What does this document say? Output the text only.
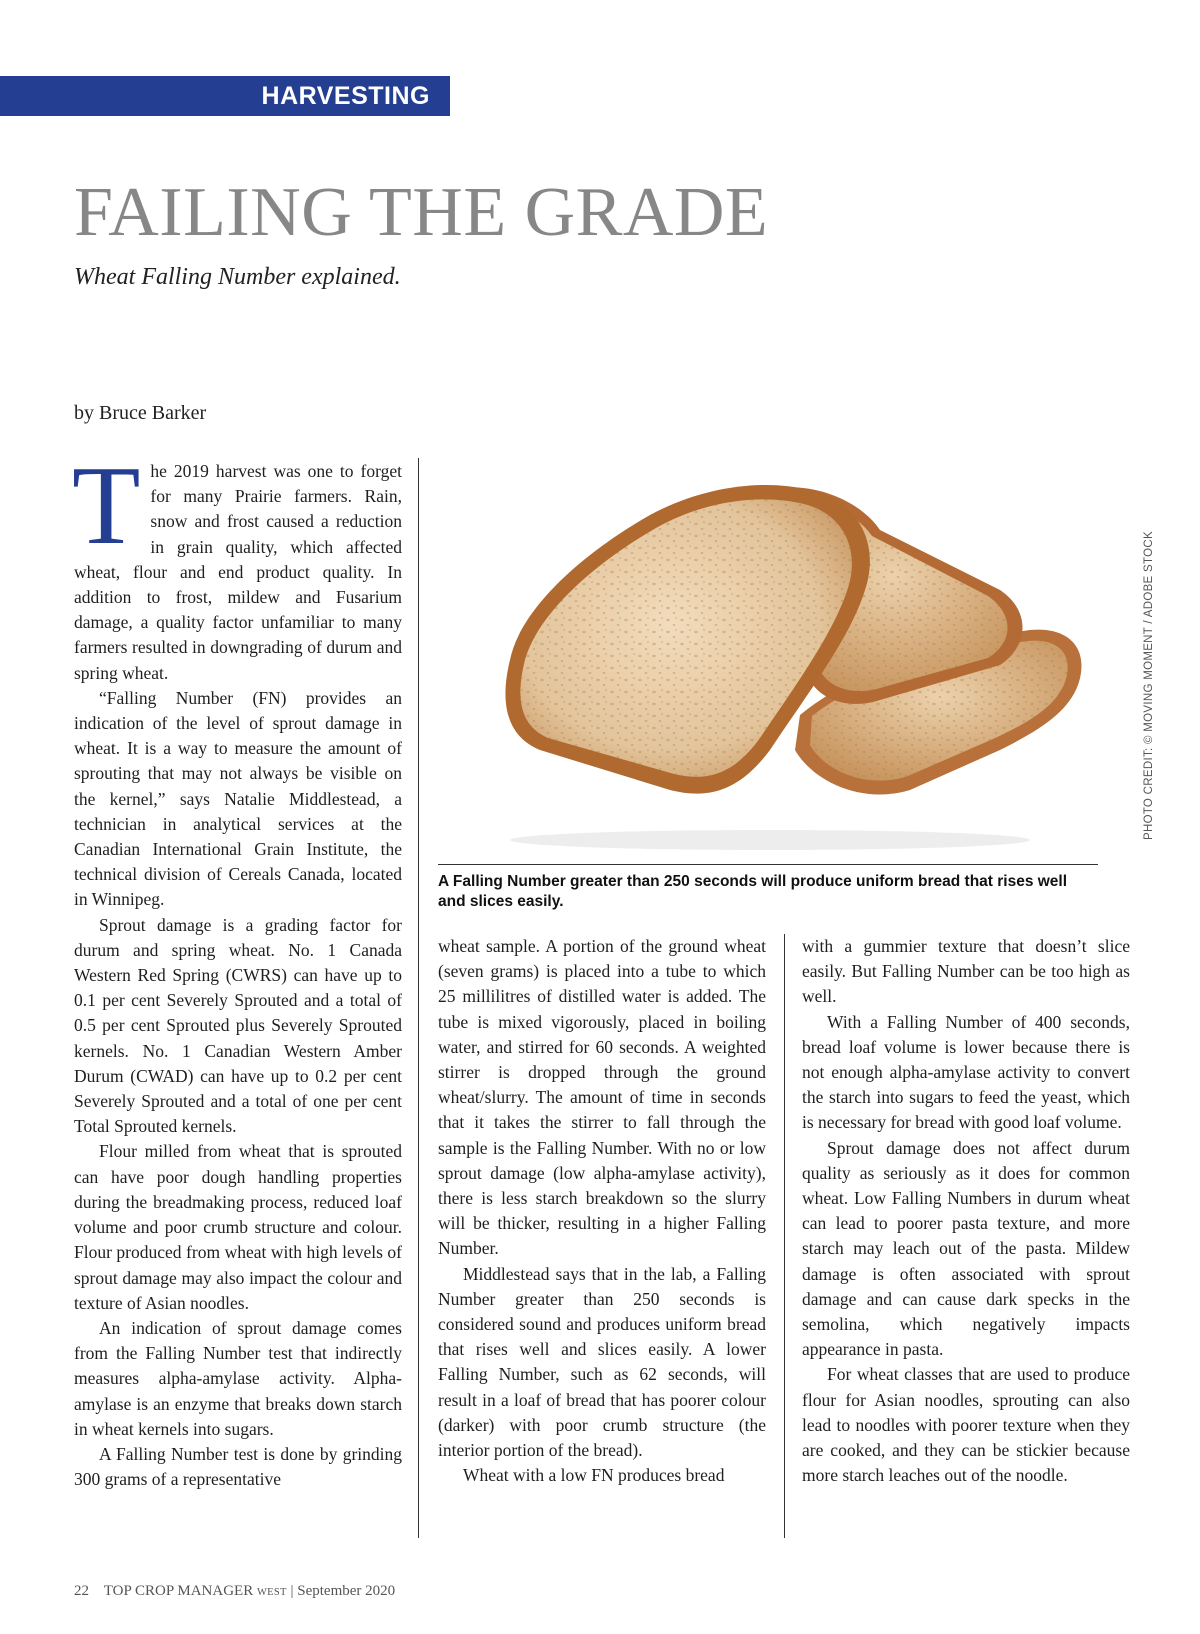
HARVESTING
FAILING THE GRADE

Wheat Falling Number explained.

by Bruce Barker

The 2019 harvest was one to forget for many Prairie farmers. Rain, snow and frost caused a reduction in grain quality, which affected wheat, flour and end product quality. In addition to frost, mildew and Fusarium damage, a quality factor unfamiliar to many farmers resulted in downgrading of durum and spring wheat.

“Falling Number (FN) provides an indication of the level of sprout damage in wheat. It is a way to measure the amount of sprouting that may not always be visible on the kernel,” says Natalie Middlestead, a technician in analytical services at the Canadian International Grain Institute, the technical division of Cereals Canada, located in Winnipeg.

Sprout damage is a grading factor for durum and spring wheat. No. 1 Canada Western Red Spring (CWRS) can have up to 0.1 per cent Severely Sprouted and a total of 0.5 per cent Sprouted plus Severely Sprouted kernels. No. 1 Canadian Western Amber Durum (CWAD) can have up to 0.2 per cent Severely Sprouted and a total of one per cent Total Sprouted kernels.

Flour milled from wheat that is sprouted can have poor dough handling properties during the breadmaking process, reduced loaf volume and poor crumb structure and colour. Flour produced from wheat with high levels of sprout damage may also impact the colour and texture of Asian noodles.

An indication of sprout damage comes from the Falling Number test that indirectly measures alpha-amylase activity. Alpha-amylase is an enzyme that breaks down starch in wheat kernels into sugars.

A Falling Number test is done by grinding 300 grams of a representative

PHOTO CREDIT: © MOVING MOMENT / ADOBE STOCK
A Falling Number greater than 250 seconds will produce uniform bread that rises well and slices easily.

wheat sample. A portion of the ground wheat (seven grams) is placed into a tube to which 25 millilitres of distilled water is added. The tube is mixed vigorously, placed in boiling water, and stirred for 60 seconds. A weighted stirrer is dropped through the ground wheat/slurry. The amount of time in seconds that it takes the stirrer to fall through the sample is the Falling Number. With no or low sprout damage (low alpha-amylase activity), there is less starch breakdown so the slurry will be thicker, resulting in a higher Falling Number.

Middlestead says that in the lab, a Falling Number greater than 250 seconds is considered sound and produces uniform bread that rises well and slices easily. A lower Falling Number, such as 62 seconds, will result in a loaf of bread that has poorer colour (darker) with poor crumb structure (the interior portion of the bread).

Wheat with a low FN produces bread

with a gummier texture that doesn’t slice easily. But Falling Number can be too high as well.

With a Falling Number of 400 seconds, bread loaf volume is lower because there is not enough alpha-amylase activity to convert the starch into sugars to feed the yeast, which is necessary for bread with good loaf volume.

Sprout damage does not affect durum quality as seriously as it does for common wheat. Low Falling Numbers in durum wheat can lead to poorer pasta texture, and more starch may leach out of the pasta. Mildew damage is often associated with sprout damage and can cause dark specks in the semolina, which negatively impacts appearance in pasta.

For wheat classes that are used to produce flour for Asian noodles, sprouting can also lead to noodles with poorer texture when they are cooked, and they can be stickier because more starch leaches out of the noodle.

22 TOP CROP MANAGER WEST | September 2020
